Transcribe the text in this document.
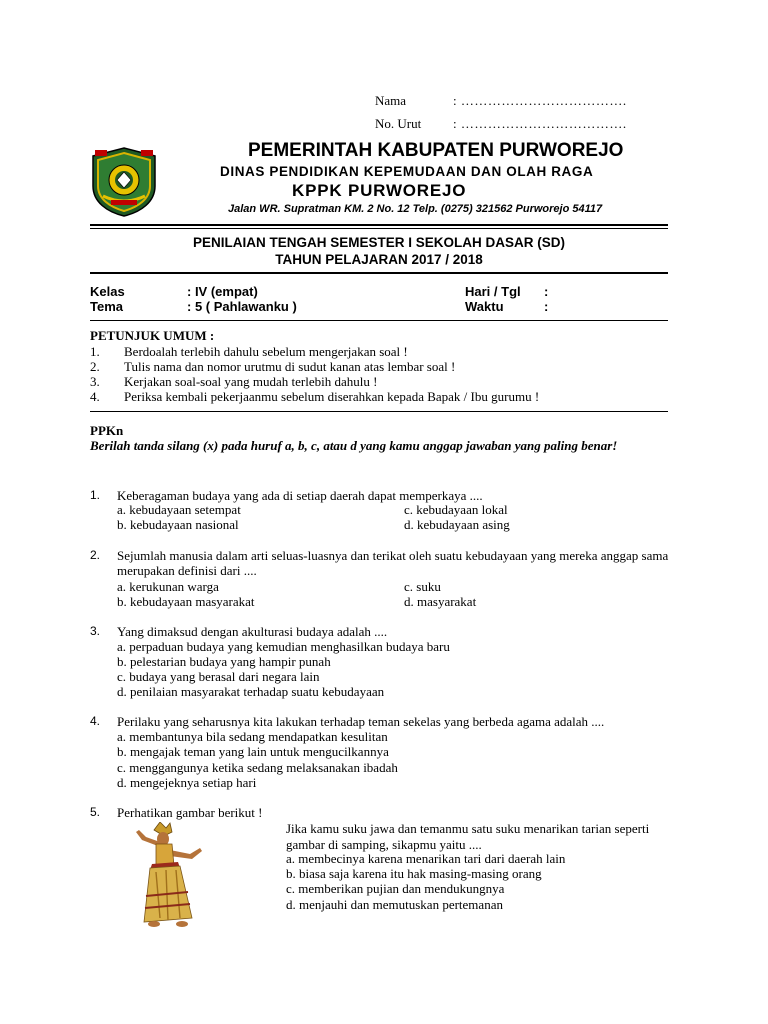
Nama	: ……………………………….
No. Urut : ……………………………….
PEMERINTAH KABUPATEN PURWOREJO
DINAS PENDIDIKAN KEPEMUDAAN DAN OLAH RAGA
KPPK PURWOREJO
Jalan WR. Supratman KM. 2 No. 12 Telp. (0275) 321562 Purworejo 54117
PENILAIAN TENGAH SEMESTER I SEKOLAH DASAR (SD)
TAHUN PELAJARAN 2017 / 2018
Kelas	: IV (empat)	Hari / Tgl :
Tema	: 5 ( Pahlawanku )	Waktu	:
PETUNJUK UMUM :
1. Berdoalah terlebih dahulu sebelum mengerjakan soal !
2. Tulis nama dan nomor urutmu di sudut kanan atas lembar soal !
3. Kerjakan soal-soal yang mudah terlebih dahulu !
4. Periksa kembali pekerjaanmu sebelum diserahkan kepada Bapak / Ibu gurumu !
PPKn
Berilah tanda silang (x) pada huruf a, b, c, atau d yang kamu anggap jawaban yang paling benar!
1. Keberagaman budaya yang ada di setiap daerah dapat memperkaya ....
a. kebudayaan setempat	c. kebudayaan lokal
b. kebudayaan nasional	d. kebudayaan asing
2. Sejumlah manusia dalam arti seluas-luasnya dan terikat oleh suatu kebudayaan yang mereka anggap sama merupakan definisi dari ....
a. kerukunan warga	c. suku
b. kebudayaan masyarakat	d. masyarakat
3. Yang dimaksud dengan akulturasi budaya adalah ....
a. perpaduan budaya yang kemudian menghasilkan budaya baru
b. pelestarian budaya yang hampir punah
c. budaya yang berasal dari negara lain
d. penilaian masyarakat terhadap suatu kebudayaan
4. Perilaku yang seharusnya kita lakukan terhadap teman sekelas yang berbeda agama adalah ....
a. membantunya bila sedang mendapatkan kesulitan
b. mengajak teman yang lain untuk mengucilkannya
c. menggangunya ketika sedang melaksanakan ibadah
d. mengejeknya setiap hari
5. Perhatikan gambar berikut !
Jika kamu suku jawa dan temanmu satu suku menarikan tarian seperti gambar di samping, sikapmu yaitu ....
a. membecinya karena menarikan tari dari daerah lain
b. biasa saja karena itu hak masing-masing orang
c. memberikan pujian dan mendukungnya
d. menjauhi dan memutuskan pertemanan
